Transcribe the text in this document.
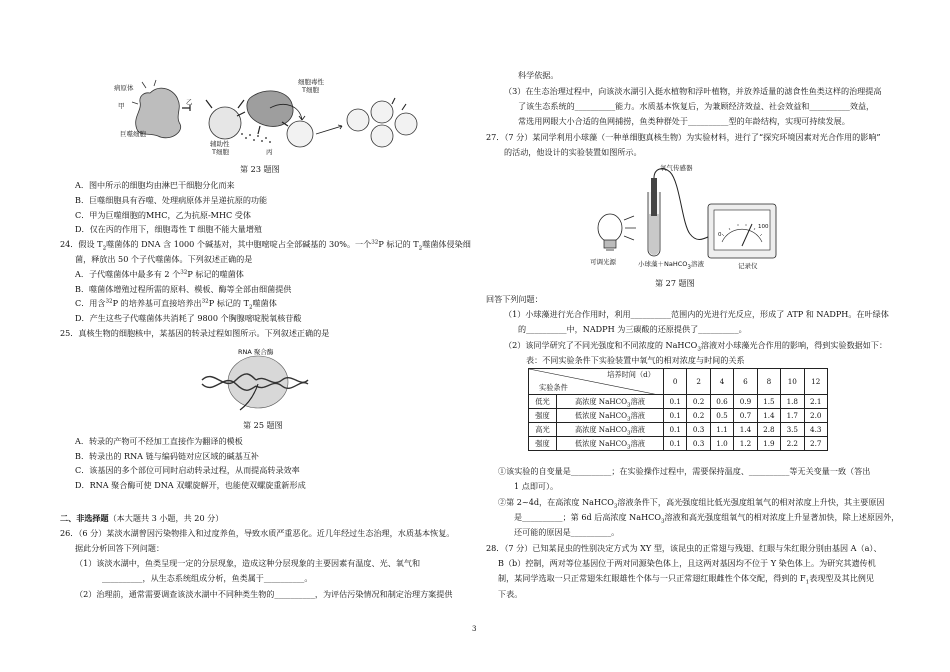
病原体
甲
巨噬细胞
乙
辅助性
T细胞
细胞毒性
T细胞
丙
第 23 题图
A．图中所示的细胞均由淋巴干细胞分化而来
B．巨噬细胞具有吞噬、处理病原体并呈递抗原的功能
C．甲为巨噬细胞的MHC，乙为抗原-MHC 受体
D．仅在丙的作用下，细胞毒性 T 细胞不能大量增殖
24．假设 $T_2$噬菌体的 DNA 含 1000 个碱基对，其中胞嘧啶占全部碱基的 30%。一个$^{32}$P 标记的 $T_2$噬菌体侵染细
菌，释放出 50 个子代噬菌体。下列叙述正确的是
A．子代噬菌体中最多有 2 个$^{32}$P 标记的噬菌体
B．噬菌体增殖过程所需的原料、模板、酶等全部由细菌提供
C．用含$^{32}$P 的培养基可直接培养出$^{32}$P 标记的 $T_2$噬菌体
D．产生这些子代噬菌体共消耗了 9800 个胸腺嘧啶脱氧核苷酸
25．真核生物的细胞核中，某基因的转录过程如图所示。下列叙述正确的是
RNA 聚合酶
第 25 题图
A．转录的产物可不经加工直接作为翻译的模板
B．转录出的 RNA 链与编码链对应区域的碱基互补
C．该基因的多个部位可同时启动转录过程，从而提高转录效率
D．RNA 聚合酶可使 DNA 双螺旋解开，也能使双螺旋重新形成
二、非选择题（本大题共 3 小题，共 20 分）
26．（6 分）某淡水湖曾因污染物排入和过度养鱼，导致水质严重恶化。近几年经过生态治理，水质基本恢复。
据此分析回答下列问题：
（1）该淡水湖中，鱼类呈现一定的分层现象，造成这种分层现象的主要因素有温度、光、氧气和
__________，从生态系统组成分析，鱼类属于__________。
（2）治理前，通常需要调查该淡水湖中不同种类生物的__________，为评估污染情况和制定治理方案提供
3
科学依据。
（3）在生态治理过程中，向该淡水湖引入挺水植物和浮叶植物，并放养适量的滤食性鱼类这样的治理提高
了该生态系统的__________能力。水质基本恢复后，为兼顾经济效益、社会效益和__________效益，
常选用网眼大小合适的鱼网捕捞，鱼类种群处于__________型的年龄结构，实现可持续发展。
27．（7 分）某同学利用小球藻（一种单细胞真核生物）为实验材料，进行了“探究环境因素对光合作用的影响”
的活动，他设计的实验装置如图所示。
氧气传感器
可调光源	小球藻＋NaHCO$_3$溶液	记录仪
0
100
第 27 题图
回答下列问题：
（1）小球藻进行光合作用时，利用__________范围内的光进行光反应，形成了 ATP 和 NADPH。在叶绿体
的__________中，NADPH 为三碳酸的还原提供了__________。
（2）该同学研究了不同光强度和不同浓度的 NaHCO$_3$溶液对小球藻光合作用的影响，得到实验数据如下：
表：不同实验条件下实验装置中氧气的相对浓度与时间的关系
培养时间（d）
实验条件		0	2	4	6	8	10	12
低光	高浓度 NaHCO$_3$溶液	0.1	0.2	0.6	0.9	1.5	1.8	2.1
强度	低浓度 NaHCO$_3$溶液	0.1	0.2	0.5	0.7	1.4	1.7	2.0
高光	高浓度 NaHCO$_3$溶液	0.1	0.3	1.1	1.4	2.8	3.5	4.3
强度	低浓度 NaHCO$_3$溶液	0.1	0.3	1.0	1.2	1.9	2.2	2.7
①该实验的自变量是__________；在实验操作过程中，需要保持温度、__________等无关变量一致（答出
1 点即可）。
②第 2~4d，在高浓度 NaHCO$_3$溶液条件下，高光强度组比低光强度组氧气的相对浓度上升快，其主要原因
是__________；第 6d 后高浓度 NaHCO$_3$溶液和高光强度组氧气的相对浓度上升显著加快，除上述原因外，
还可能的原因是__________。
28．（7 分）已知某昆虫的性别决定方式为 XY 型，该昆虫的正常翅与残翅、红眼与朱红眼分别由基因 A（a）、
B（b）控制，两对等位基因位于两对同源染色体上，且这两对基因均不位于 Y 染色体上。为研究其遗传机
制，某同学选取一只正常翅朱红眼雄性个体与一只正常翅红眼雌性个体交配，得到的 $F_1$表现型及其比例见
下表。
